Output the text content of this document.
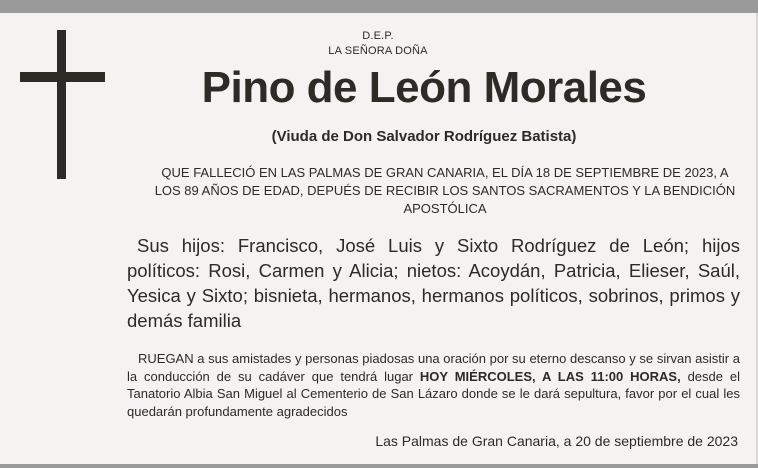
D.E.P.
LA SEÑORA DOÑA
Pino de León Morales
(Viuda de Don Salvador Rodríguez Batista)
QUE FALLECIÓ EN LAS PALMAS DE GRAN CANARIA, EL DÍA 18 DE SEPTIEMBRE DE 2023, A LOS 89 AÑOS DE EDAD, DEPUÉS DE RECIBIR LOS SANTOS SACRAMENTOS Y LA BENDICIÓN APOSTÓLICA
Sus hijos: Francisco, José Luis y Sixto Rodríguez de León; hijos políticos: Rosi, Carmen y Alicia; nietos: Acoydán, Patricia, Elieser, Saúl, Yesica y Sixto; bisnieta, hermanos, hermanos políticos, sobrinos, primos y demás familia
RUEGAN a sus amistades y personas piadosas una oración por su eterno descanso y se sirvan asistir a la conducción de su cadáver que tendrá lugar HOY MIÉRCOLES, A LAS 11:00 HORAS, desde el Tanatorio Albia San Miguel al Cementerio de San Lázaro donde se le dará sepultura, favor por el cual les quedarán profundamente agradecidos
Las Palmas de Gran Canaria, a 20 de septiembre de 2023
